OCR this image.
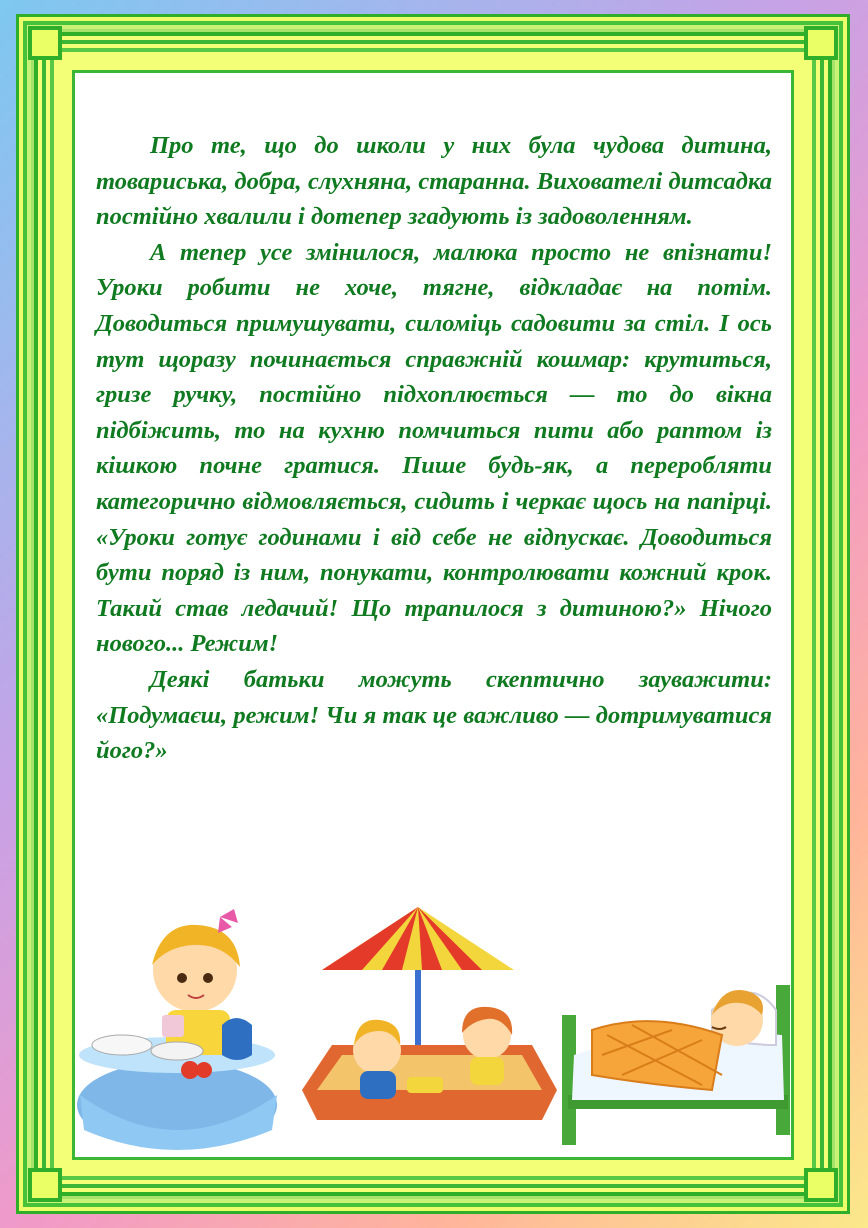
Про те, що до школи у них була чудова дитина, товариська, добра, слухняна, старанна. Вихователі дитсадка постійно хвалили і дотепер згадують із задоволенням.

А тепер усе змінилося, малюка просто не впізнати! Уроки робити не хоче, тягне, відкладає на потім. Доводиться примушувати, силоміць садовити за стіл. І ось тут щоразу починається справжній кошмар: крутиться, гризе ручку, постійно підхоплюється — то до вікна підбіжить, то на кухню помчиться пити або раптом із кішкою почне гратися. Пише будь-як, а переробляти категорично відмовляється, сидить і черкає щось на папірці. «Уроки готує годинами і від себе не відпускає. Доводиться бути поряд із ним, понукати, контролювати кожний крок. Такий став ледачий! Що трапилося з дитиною?» Нічого нового... Режим!

Деякі батьки можуть скептично зауважити: «Подумаєш, режим! Чи я так це важливо — дотримуватися його?»
